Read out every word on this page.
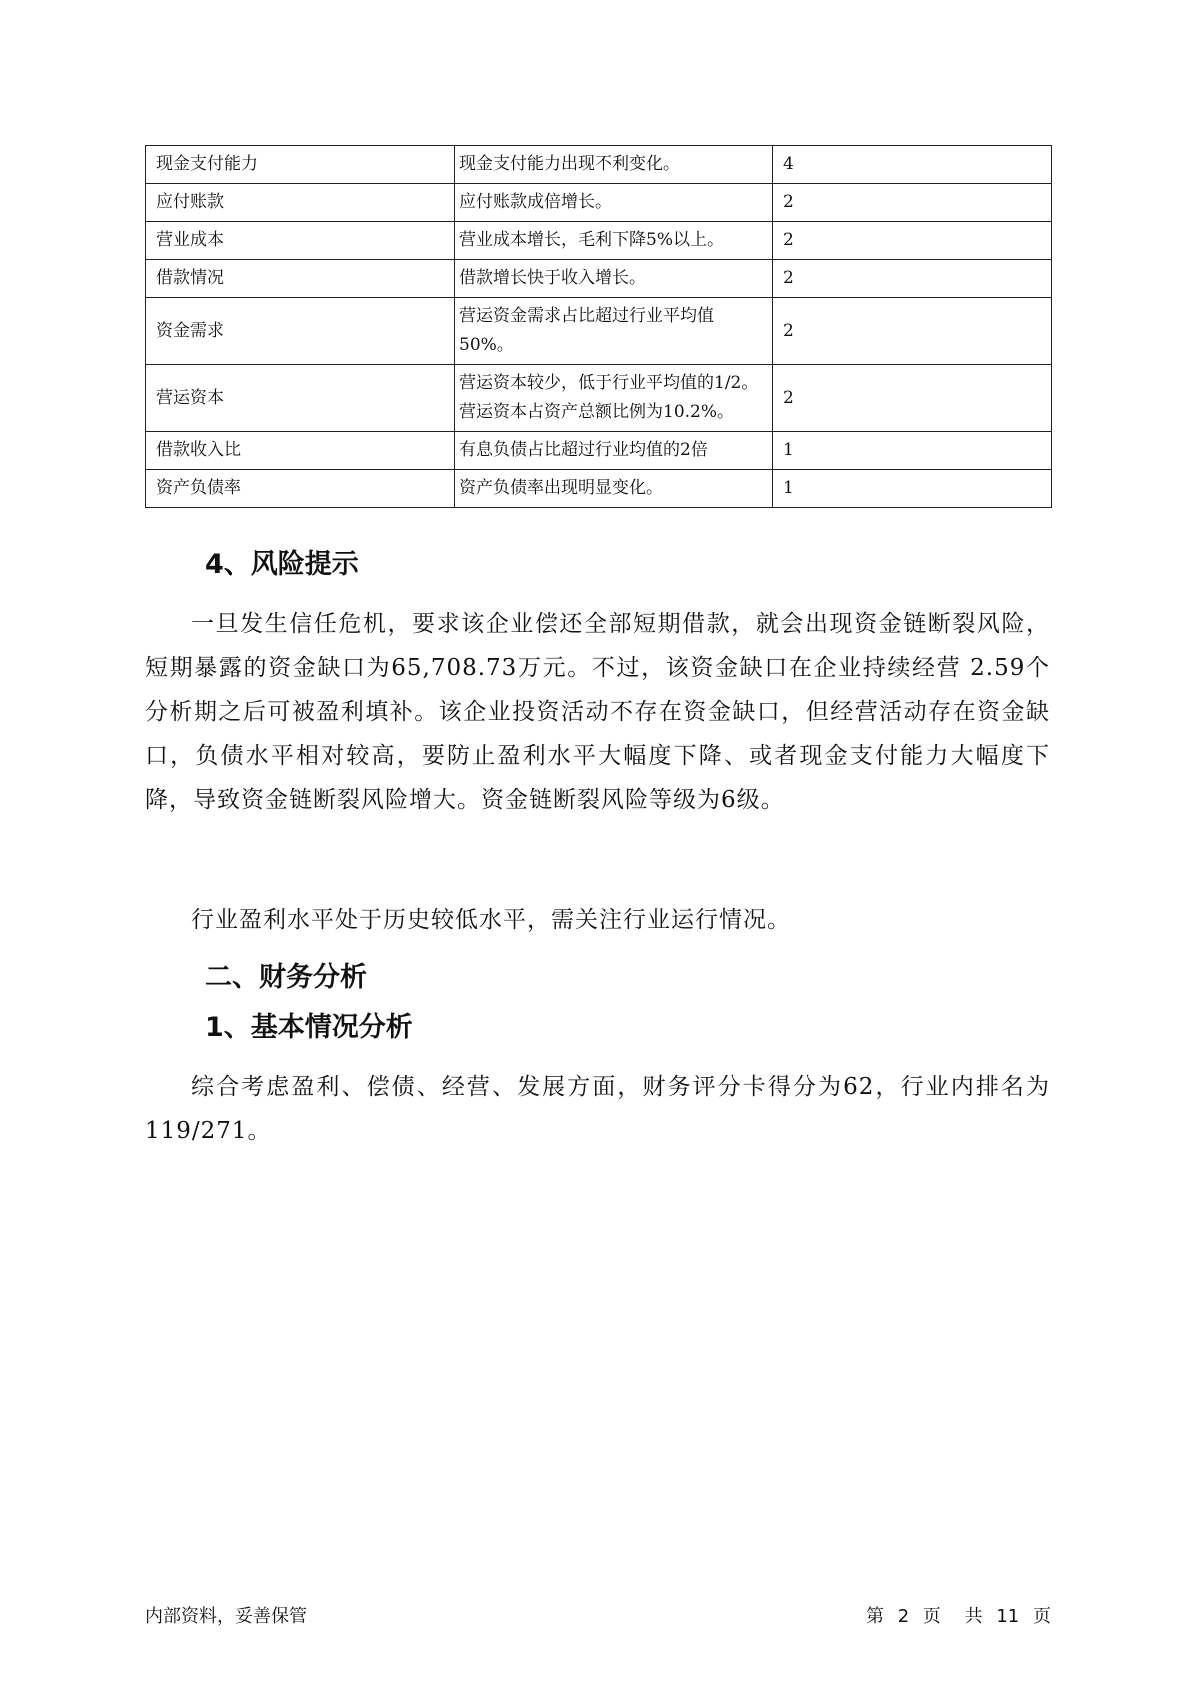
现金支付能力	现金支付能力出现不利变化。	4
应付账款	应付账款成倍增长。	2
营业成本	营业成本增长，毛利下降5%以上。	2
借款情况	借款增长快于收入增长。	2
资金需求	营运资金需求占比超过行业平均值50%。	2
营运资本	营运资本较少，低于行业平均值的1/2。营运资本占资产总额比例为10.2%。	2
借款收入比	有息负债占比超过行业均值的2倍	1
资产负债率	资产负债率出现明显变化。	1
4、风险提示

一旦发生信任危机，要求该企业偿还全部短期借款，就会出现资金链断裂风险，短期暴露的资金缺口为65,708.73万元。不过，该资金缺口在企业持续经营 2.59个分析期之后可被盈利填补。该企业投资活动不存在资金缺口，但经营活动存在资金缺口，负债水平相对较高，要防止盈利水平大幅度下降、或者现金支付能力大幅度下降，导致资金链断裂风险增大。资金链断裂风险等级为6级。

行业盈利水平处于历史较低水平，需关注行业运行情况。

二、财务分析
1、基本情况分析

综合考虑盈利、偿债、经营、发展方面，财务评分卡得分为62，行业内排名为119/271。

内部资料，妥善保管	第 2 页 共 11 页
